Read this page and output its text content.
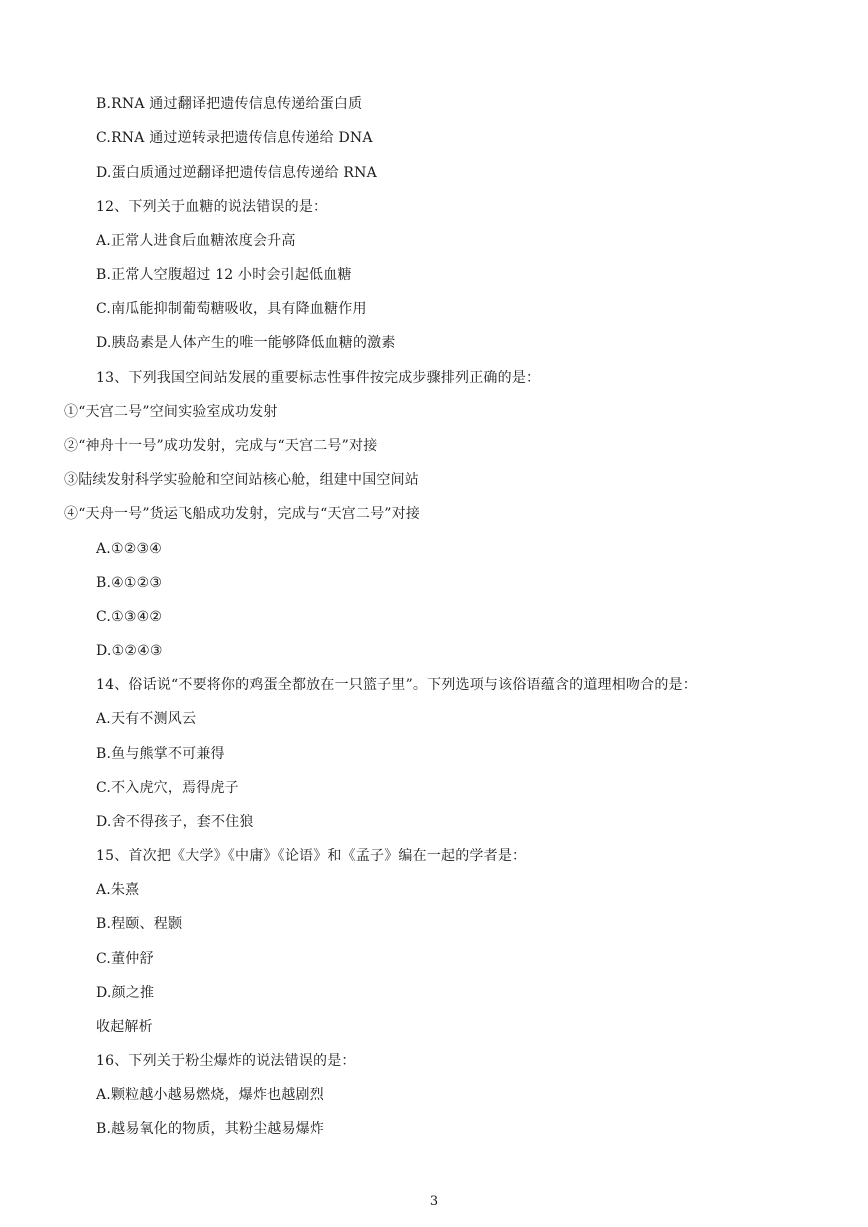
B.RNA 通过翻译把遗传信息传递给蛋白质
C.RNA 通过逆转录把遗传信息传递给 DNA
D.蛋白质通过逆翻译把遗传信息传递给 RNA
12、下列关于血糖的说法错误的是：
A.正常人进食后血糖浓度会升高
B.正常人空腹超过 12 小时会引起低血糖
C.南瓜能抑制葡萄糖吸收，具有降血糖作用
D.胰岛素是人体产生的唯一能够降低血糖的激素
13、下列我国空间站发展的重要标志性事件按完成步骤排列正确的是：
①“天宫二号”空间实验室成功发射
②“神舟十一号”成功发射，完成与“天宫二号”对接
③陆续发射科学实验舱和空间站核心舱，组建中国空间站
④“天舟一号”货运飞船成功发射，完成与“天宫二号”对接
A.①②③④
B.④①②③
C.①③④②
D.①②④③
14、俗话说“不要将你的鸡蛋全都放在一只篮子里”。下列选项与该俗语蕴含的道理相吻合的是：
A.天有不测风云
B.鱼与熊掌不可兼得
C.不入虎穴，焉得虎子
D.舍不得孩子，套不住狼
15、首次把《大学》《中庸》《论语》和《孟子》编在一起的学者是：
A.朱熹
B.程颐、程颢
C.董仲舒
D.颜之推
收起解析
16、下列关于粉尘爆炸的说法错误的是：
A.颗粒越小越易燃烧，爆炸也越剧烈
B.越易氧化的物质，其粉尘越易爆炸
3
